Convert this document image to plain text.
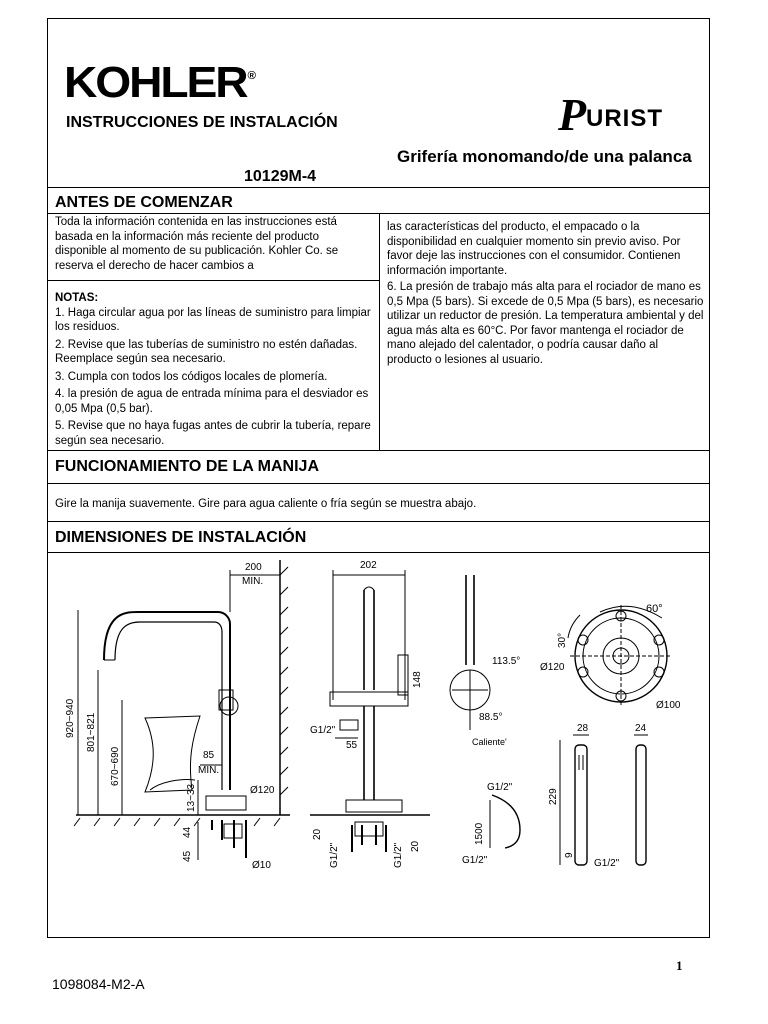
KOHLER®
INSTRUCCIONES DE INSTALACIÓN	P URIST
Grifería monomando/de una palanca
10129M-4
ANTES DE COMENZAR
Toda la información contenida en las instrucciones está basada en la información más reciente del producto disponible al momento de su publicación. Kohler Co. se reserva el derecho de hacer cambios a
las características del producto, el empacado o la disponibilidad en cualquier momento sin previo aviso. Por favor deje las instrucciones con el consumidor. Contienen información importante.
NOTAS:
1. Haga circular agua por las líneas de suministro para limpiar los residuos.
2. Revise que las tuberías de suministro no estén dañadas. Reemplace según sea necesario.
3. Cumpla con todos los códigos locales de plomería.
4. la presión de agua de entrada mínima para el desviador es 0,05 Mpa (0,5 bar).
5. Revise que no haya fugas antes de cubrir la tubería, repare según sea necesario.
6. La presión de trabajo más alta para el rociador de mano es 0,5 Mpa (5 bars). Si excede de 0,5 Mpa (5 bars), es necesario utilizar un reductor de presión. La temperatura ambiental y del agua más alta es 60°C. Por favor mantenga el rociador de mano alejado del calentador, o podría causar daño al producto o lesiones al usuario.
FUNCIONAMIENTO DE LA MANIJA
Gire la manija suavemente. Gire para agua caliente o fría según se muestra abajo.
DIMENSIONES DE INSTALACIÓN
200
MIN.
920~940 801~821
670~690	85
MIN.
13~33	Ø120
45
44
Ø10
202
148
G1/2"
55
20
G1/2"	G1/2" 20
113.5°
88.5°
Caliente'
G1/2"
1500
G1/2"
60°
30°
Ø120
Ø100
28	24
229
9
G1/2"
1
1098084-M2-A
